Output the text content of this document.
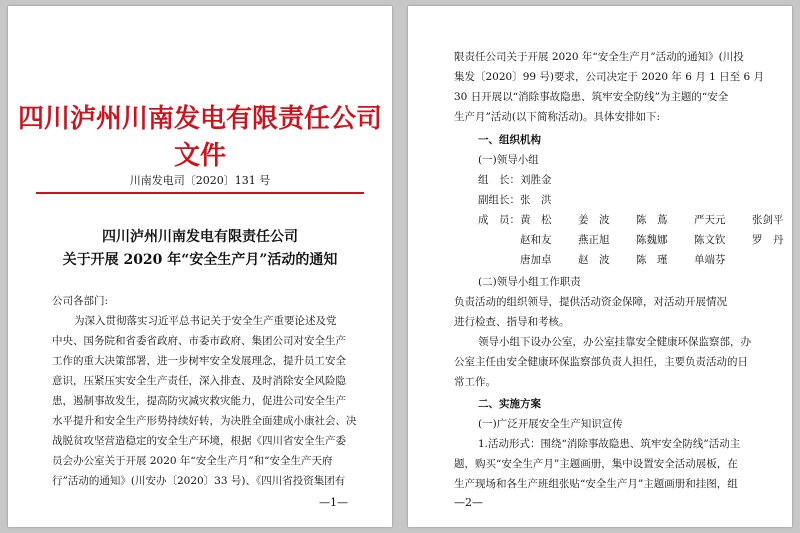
四川泸州川南发电有限责任公司文件
川南发电司〔2020〕131 号
四川泸州川南发电有限责任公司
关于开展 2020 年“安全生产月”活动的通知
公司各部门:
为深入贯彻落实习近平总书记关于安全生产重要论述及党
中央、国务院和省委省政府、市委市政府、集团公司对安全生产
工作的重大决策部署，进一步树牢安全发展理念，提升员工安全
意识，压紧压实安全生产责任，深入排查、及时消除安全风险隐
患，遏制事故发生，提高防灾减灾救灾能力，促进公司安全生产
水平提升和安全生产形势持续好转，为决胜全面建成小康社会、决
战脱贫攻坚营造稳定的安全生产环境，根据《四川省安全生产委
员会办公室关于开展 2020 年“安全生产月”和“安全生产天府
行”活动的通知》(川安办〔2020〕33 号)、《四川省投资集团有
—1—
限责任公司关于开展 2020 年“安全生产月”活动的通知》(川投
集发〔2020〕99 号)要求，公司决定于 2020 年 6 月 1 日至 6 月
30 日开展以“消除事故隐患、筑牢安全防线”为主题的“安全
生产月”活动(以下简称活动)。具体安排如下:
一、组织机构
(一)领导小组
组　长：刘胜金
副组长：张　洪
成　员：黄　松	姜　波	陈　蔦	严天元	张剑平
赵和友	燕正旭	陈魏娜	陈文钦	罗　丹
唐加卓	赵　波	陈　瑾	单端芬
(二)领导小组工作职责
负责活动的组织领导，提供活动资金保障，对活动开展情况
进行检查、指导和考核。
领导小组下设办公室，办公室挂靠安全健康环保监察部，办
公室主任由安全健康环保监察部负责人担任，主要负责活动的日
常工作。
二、实施方案
(一)广泛开展安全生产知识宣传
1.活动形式：围绕“消除事故隐患、筑牢安全防线”活动主
题，购买“安全生产月”主题画册，集中设置安全活动展板，在
生产现场和各生产班组张贴“安全生产月”主题画册和挂图，组
—2—
